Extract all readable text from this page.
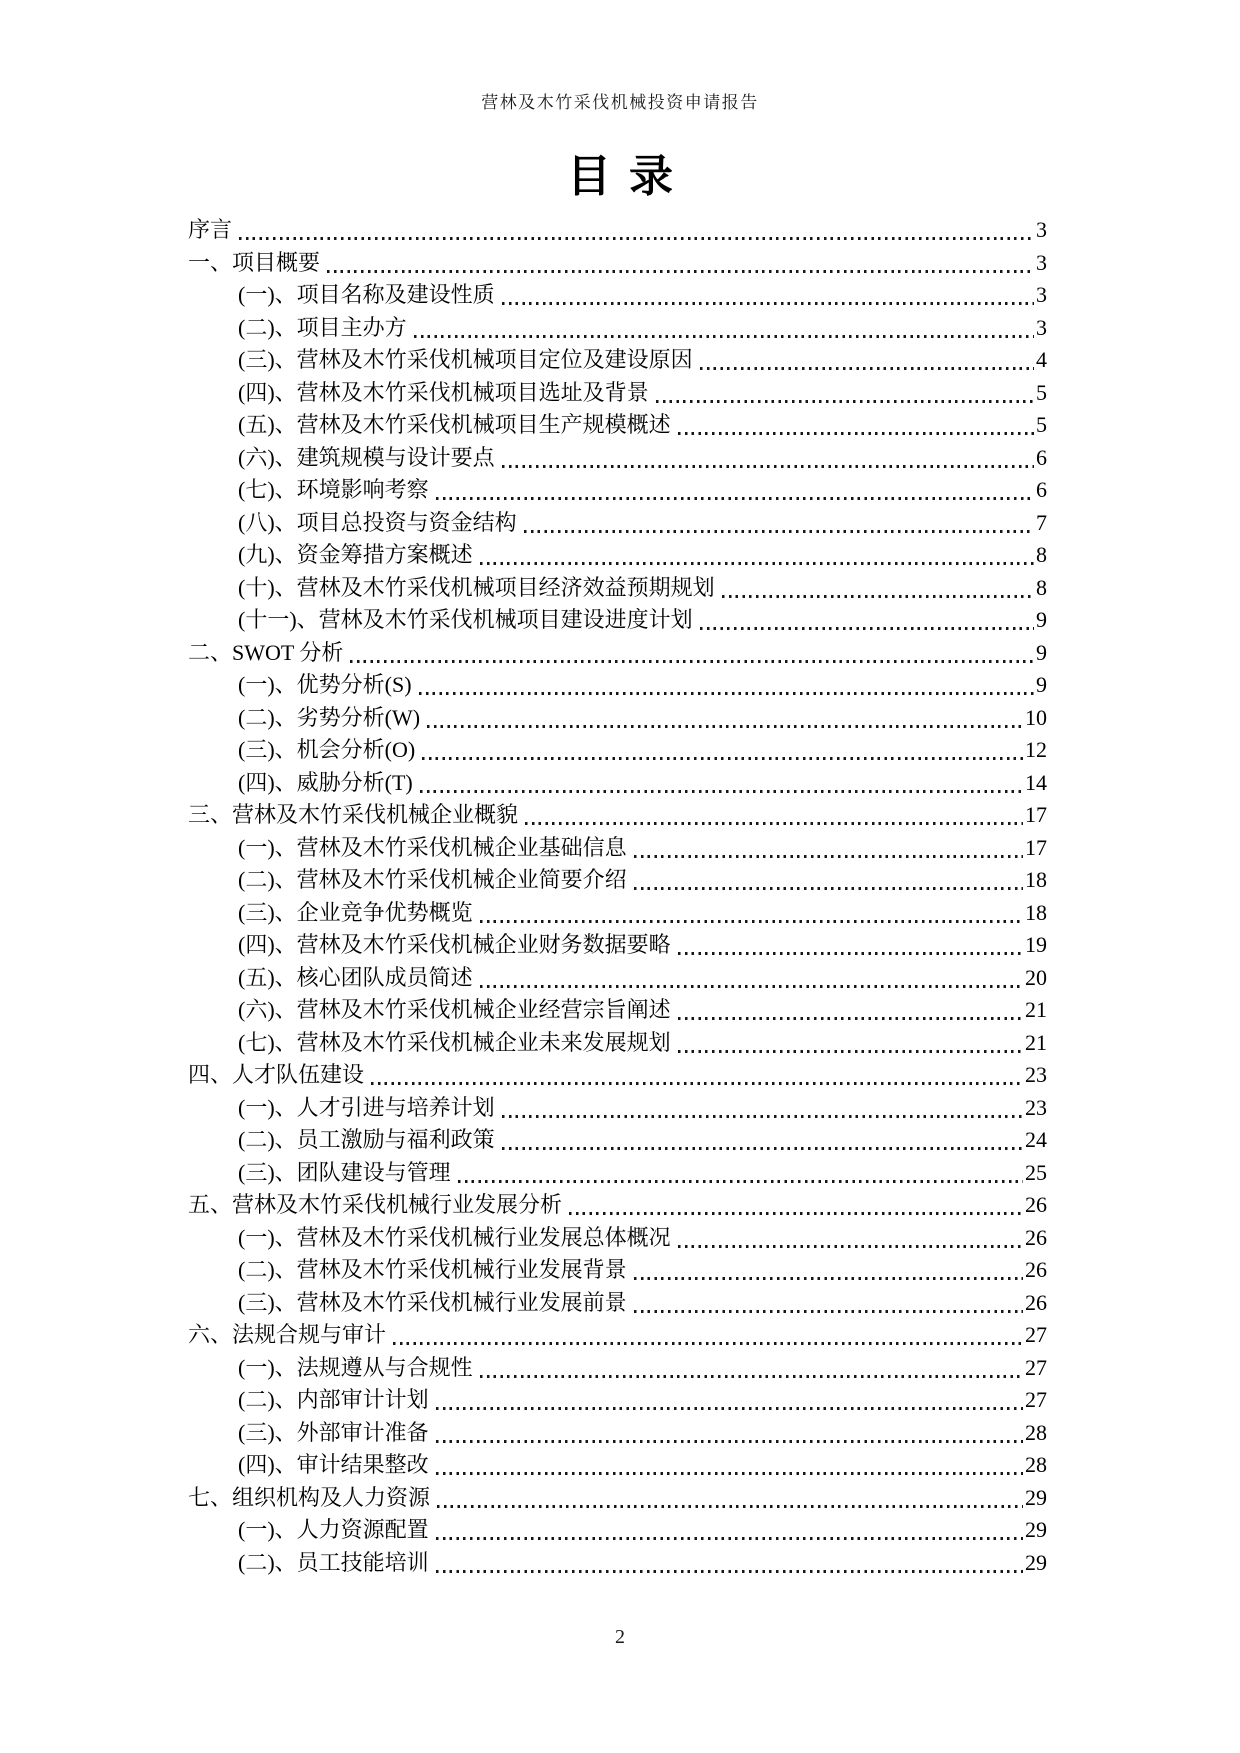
营林及木竹采伐机械投资申请报告
目录
序言	3
一、项目概要	3
(一)、项目名称及建设性质	3
(二)、项目主办方	3
(三)、营林及木竹采伐机械项目定位及建设原因	4
(四)、营林及木竹采伐机械项目选址及背景	5
(五)、营林及木竹采伐机械项目生产规模概述	5
(六)、建筑规模与设计要点	6
(七)、环境影响考察	6
(八)、项目总投资与资金结构	7
(九)、资金筹措方案概述	8
(十)、营林及木竹采伐机械项目经济效益预期规划	8
(十一)、营林及木竹采伐机械项目建设进度计划	9
二、SWOT 分析	9
(一)、优势分析(S)	9
(二)、劣势分析(W)	10
(三)、机会分析(O)	12
(四)、威胁分析(T)	14
三、营林及木竹采伐机械企业概貌	17
(一)、营林及木竹采伐机械企业基础信息	17
(二)、营林及木竹采伐机械企业简要介绍	18
(三)、企业竞争优势概览	18
(四)、营林及木竹采伐机械企业财务数据要略	19
(五)、核心团队成员简述	20
(六)、营林及木竹采伐机械企业经营宗旨阐述	21
(七)、营林及木竹采伐机械企业未来发展规划	21
四、人才队伍建设	23
(一)、人才引进与培养计划	23
(二)、员工激励与福利政策	24
(三)、团队建设与管理	25
五、营林及木竹采伐机械行业发展分析	26
(一)、营林及木竹采伐机械行业发展总体概况	26
(二)、营林及木竹采伐机械行业发展背景	26
(三)、营林及木竹采伐机械行业发展前景	26
六、法规合规与审计	27
(一)、法规遵从与合规性	27
(二)、内部审计计划	27
(三)、外部审计准备	28
(四)、审计结果整改	28
七、组织机构及人力资源	29
(一)、人力资源配置	29
(二)、员工技能培训	29
2
